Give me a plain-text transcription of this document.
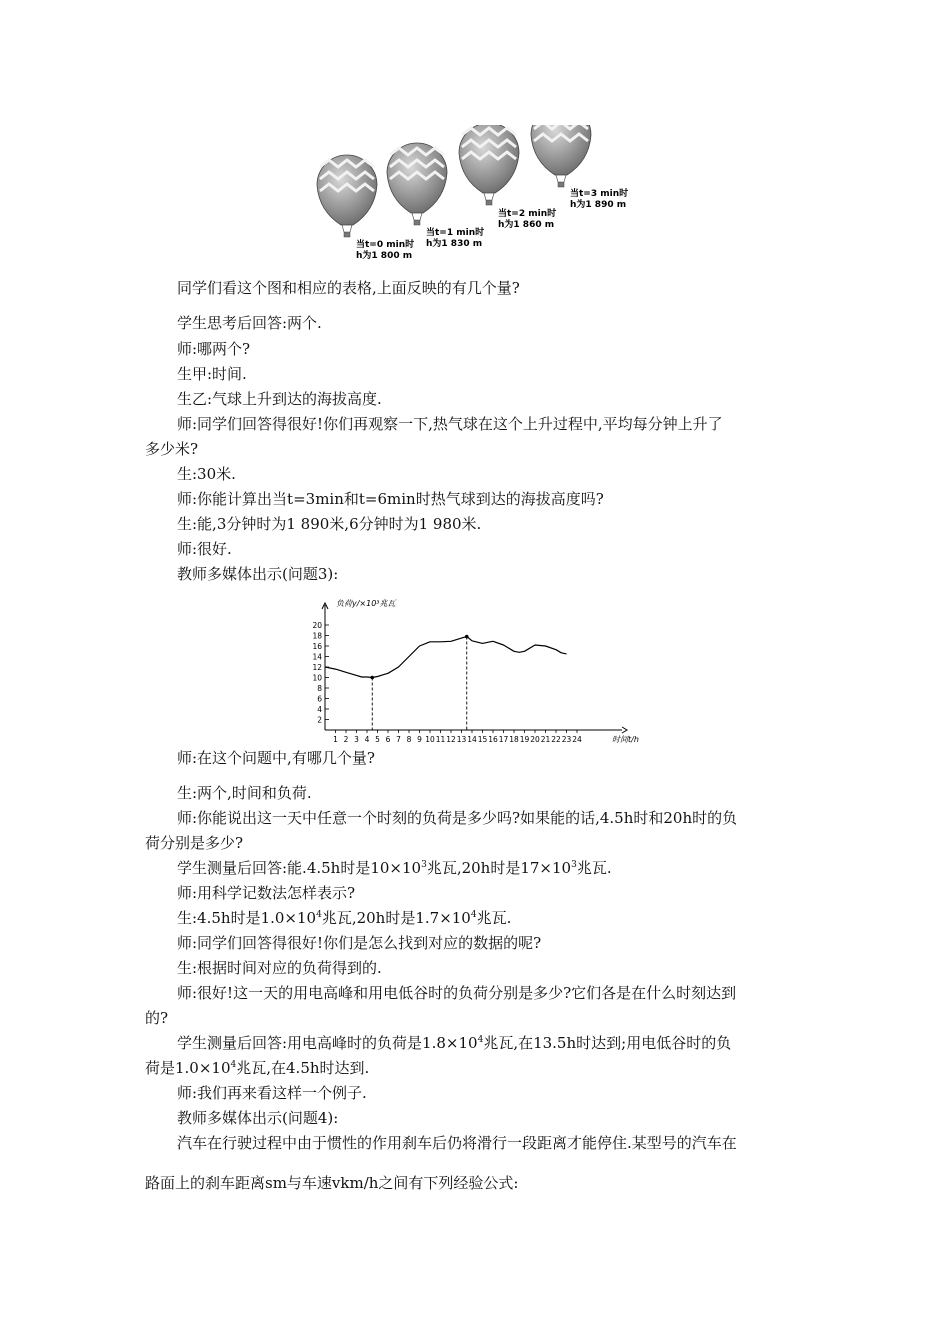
当t=0 min时
h为1 800 m
当t=1 min时
h为1 830 m
当t=2 min时
h为1 860 m
当t=3 min时
h为1 890 m

同学们看这个图和相应的表格,上面反映的有几个量?

学生思考后回答:两个.

师:哪两个?

生甲:时间.

生乙:气球上升到达的海拔高度.

师:同学们回答得很好!你们再观察一下,热气球在这个上升过程中,平均每分钟上升了

多少米?

生:30米.

师:你能计算出当t=3min和t=6min时热气球到达的海拔高度吗?

生:能,3分钟时为1 890米,6分钟时为1 980米.

师:很好.

教师多媒体出示(问题3):

1 2 3 4 5 6 7 8 9 10 11 12 13 14 15 16 17 18 19 20 21 22 23 24
2
4
6
8
10
12
14
16
18
20
负荷y/×10³兆瓦
时间t/h

师:在这个问题中,有哪几个量?

生:两个,时间和负荷.

师:你能说出这一天中任意一个时刻的负荷是多少吗?如果能的话,4.5h时和20h时的负

荷分别是多少?

学生测量后回答:能.4.5h时是$10\times 10^3$兆瓦,20h时是$17\times 10^3$兆瓦.

师:用科学记数法怎样表示?

生:4.5h时是$1.0\times 10^4$兆瓦,20h时是$1.7\times 10^4$兆瓦.

师:同学们回答得很好!你们是怎么找到对应的数据的呢?

生:根据时间对应的负荷得到的.

师:很好!这一天的用电高峰和用电低谷时的负荷分别是多少?它们各是在什么时刻达到

的?

学生测量后回答:用电高峰时的负荷是$1.8\times 10^4$兆瓦,在13.5h时达到;用电低谷时的负

荷是$1.0\times 10^4$兆瓦,在4.5h时达到.

师:我们再来看这样一个例子.

教师多媒体出示(问题4):

汽车在行驶过程中由于惯性的作用刹车后仍将滑行一段距离才能停住.某型号的汽车在

路面上的刹车距离sm与车速vkm/h之间有下列经验公式:
